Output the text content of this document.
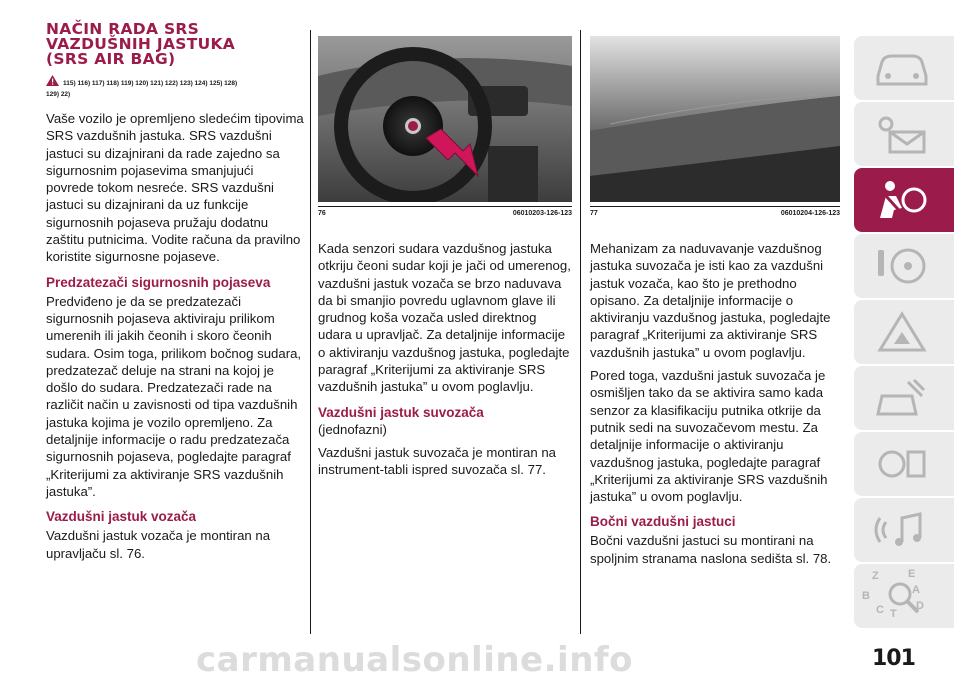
NAČIN RADA SRS
VAZDUŠNIH JASTUKA
(SRS AIR BAG)
115) 116) 117) 118) 119) 120) 121) 122) 123) 124) 125) 128)
129) 22)

Vaše vozilo je opremljeno sledećim tipovima SRS vazdušnih jastuka. SRS vazdušni jastuci su dizajnirani da rade zajedno sa sigurnosnim pojasevima smanjujući povrede tokom nesreće. SRS vazdušni jastuci su dizajnirani da uz funkcije sigurnosnih pojaseva pružaju dodatnu zaštitu putnicima. Vodite računa da pravilno koristite sigurnosne pojaseve.

Predzatezači sigurnosnih pojaseva

Predviđeno je da se predzatezači sigurnosnih pojaseva aktiviraju prilikom umerenih ili jakih čeonih i skoro čeonih sudara. Osim toga, prilikom bočnog sudara, predzatezač deluje na strani na kojoj je došlo do sudara. Predzatezači rade na različit način u zavisnosti od tipa vazdušnih jastuka kojima je vozilo opremljeno. Za detaljnije informacije o radu predzatezača sigurnosnih pojaseva, pogledajte paragraf „Kriterijumi za aktiviranje SRS vazdušnih jastuka”.

Vazdušni jastuk vozača

Vazdušni jastuk vozača je montiran na upravljaču sl. 76.

76	06010203-126-123	77	06010204-126-123

Kada senzori sudara vazdušnog jastuka otkriju čeoni sudar koji je jači od umerenog, vazdušni jastuk vozača se brzo naduvava da bi smanjio povredu uglavnom glave ili grudnog koša vozača usled direktnog udara u upravljač. Za detaljnije informacije o aktiviranju vazdušnog jastuka, pogledajte paragraf „Kriterijumi za aktiviranje SRS vazdušnih jastuka” u ovom poglavlju.

Vazdušni jastuk suvozača

(jednofazni)

Vazdušni jastuk suvozača je montiran na instrument-tabli ispred suvozača sl. 77.

Mehanizam za naduvavanje vazdušnog jastuka suvozača je isti kao za vazdušni jastuk vozača, kao što je prethodno opisano. Za detaljnije informacije o aktiviranju vazdušnog jastuka, pogledajte paragraf „Kriterijumi za aktiviranje SRS vazdušnih jastuka” u ovom poglavlju.

Pored toga, vazdušni jastuk suvozača je osmišljen tako da se aktivira samo kada senzor za klasifikaciju putnika otkrije da putnik sedi na suvozačevom mestu. Za detaljnije informacije o aktiviranju vazdušnog jastuka, pogledajte paragraf „Kriterijumi za aktiviranje SRS vazdušnih jastuka” u ovom poglavlju.

Bočni vazdušni jastuci

Bočni vazdušni jastuci su montirani na spoljnim stranama naslona sedišta sl. 78.

Z	E
A
B
C T
D
101
carmanualsonline.info
